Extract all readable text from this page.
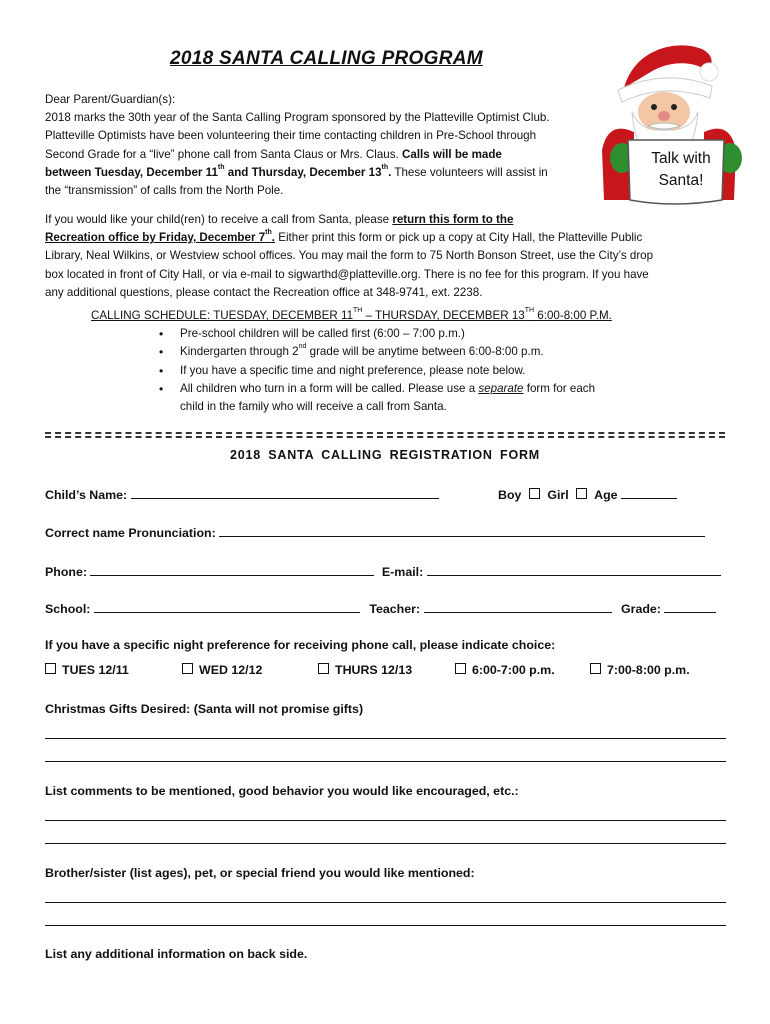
2018 SANTA CALLING PROGRAM
Talk with
Santa!

Dear Parent/Guardian(s):

2018 marks the 30th year of the Santa Calling Program sponsored by the Platteville Optimist Club.

Platteville Optimists have been volunteering their time contacting children in Pre-School through

Second Grade for a “live” phone call from Santa Claus or Mrs. Claus. Calls will be made

between Tuesday, December 11th and Thursday, December 13th. These volunteers will assist in

the “transmission” of calls from the North Pole.

If you would like your child(ren) to receive a call from Santa, please return this form to the

Recreation office by Friday, December 7th. Either print this form or pick up a copy at City Hall, the Platteville Public

Library, Neal Wilkins, or Westview school offices. You may mail the form to 75 North Bonson Street, use the City’s drop

box located in front of City Hall, or via e-mail to sigwarthd@platteville.org. There is no fee for this program. If you have

any additional questions, please contact the Recreation office at 348-9741, ext. 2238.

CALLING SCHEDULE: TUESDAY, DECEMBER 11TH – THURSDAY, DECEMBER 13TH 6:00-8:00 P.M.
• Pre-school children will be called first (6:00 – 7:00 p.m.)
• Kindergarten through 2nd grade will be anytime between 6:00-8:00 p.m.
• If you have a specific time and night preference, please note below.
• All children who turn in a form will be called. Please use a separate form for each
child in the family who will receive a call from Santa.
2018 SANTA CALLING REGISTRATION FORM
Child’s Name:	Boy Girl Age
Correct name Pronunciation:
Phone:	E-mail:
School:	Teacher:	Grade:
If you have a specific night preference for receiving phone call, please indicate choice:
TUES 12/11	WED 12/12	THURS 12/13	6:00-7:00 p.m.	7:00-8:00 p.m.
Christmas Gifts Desired: (Santa will not promise gifts)
List comments to be mentioned, good behavior you would like encouraged, etc.:
Brother/sister (list ages), pet, or special friend you would like mentioned:
List any additional information on back side.
